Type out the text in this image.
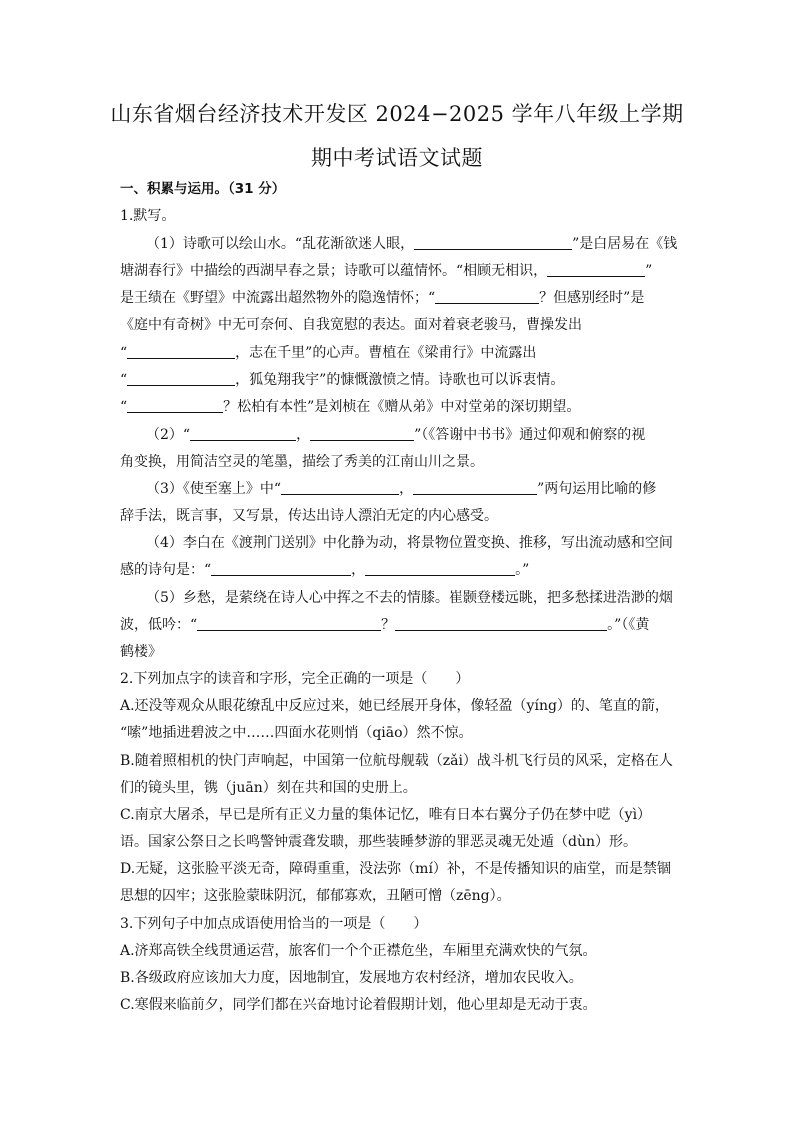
山东省烟台经济技术开发区 2024−2025 学年八年级上学期
期中考试语文试题
一、积累与运用。（31 分）
1.默写。
（1）诗歌可以绘山水。“乱花渐欲迷人眼，	”是白居易在《钱
塘湖春行》中描绘的西湖早春之景；诗歌可以蕴情怀。“相顾无相识，	”
是王绩在《野望》中流露出超然物外的隐逸情怀；“	？但感别经时”是
《庭中有奇树》中无可奈何、自我宽慰的表达。面对着衰老骏马，曹操发出
“	，志在千里”的心声。曹植在《梁甫行》中流露出
“	，狐兔翔我宇”的慷慨激愤之情。诗歌也可以诉衷情。
“	？松柏有本性”是刘桢在《赠从弟》中对堂弟的深切期望。
（2）“	，	”（《答谢中书书》通过仰观和俯察的视
角变换，用简洁空灵的笔墨，描绘了秀美的江南山川之景。
（3）《使至塞上》中“	，	”两句运用比喻的修
辞手法，既言事，又写景，传达出诗人漂泊无定的内心感受。
（4）李白在《渡荆门送别》中化静为动，将景物位置变换、推移，写出流动感和空间
感的诗句是：“	，	。”
（5）乡愁，是萦绕在诗人心中挥之不去的情膝。崔颢登楼远眺，把多愁揉进浩渺的烟
波，低吟：“	？	。”（《黄
鹤楼》
2.下列加点字的读音和字形，完全正确的一项是（　　）
A.还没等观众从眼花缭乱中反应过来，她已经展开身体，像轻盈（yíng）的、笔直的箭，
“嗦”地插进碧波之中……四面水花则悄（qiāo）然不惊。
B.随着照相机的快门声响起，中国第一位航母舰载（zǎi）战斗机飞行员的风采，定格在人
们的镜头里，镌（juān）刻在共和国的史册上。
C.南京大屠杀，早已是所有正义力量的集体记忆，唯有日本右翼分子仍在梦中呓（yì）
语。国家公祭日之长鸣警钟震聋发聩，那些装睡梦游的罪恶灵魂无处遁（dùn）形。
D.无疑，这张脸平淡无奇，障碍重重，没法弥（mí）补，不是传播知识的庙堂，而是禁锢
思想的囚牢；这张脸蒙昧阴沉，郁郁寡欢，丑陋可憎（zēng）。
3.下列句子中加点成语使用恰当的一项是（　　）
A.济郑高铁全线贯通运营，旅客们一个个正襟危坐，车厢里充满欢快的气氛。
B.各级政府应该加大力度，因地制宜，发展地方农村经济，增加农民收入。
C.寒假来临前夕，同学们都在兴奋地讨论着假期计划，他心里却是无动于衷。
